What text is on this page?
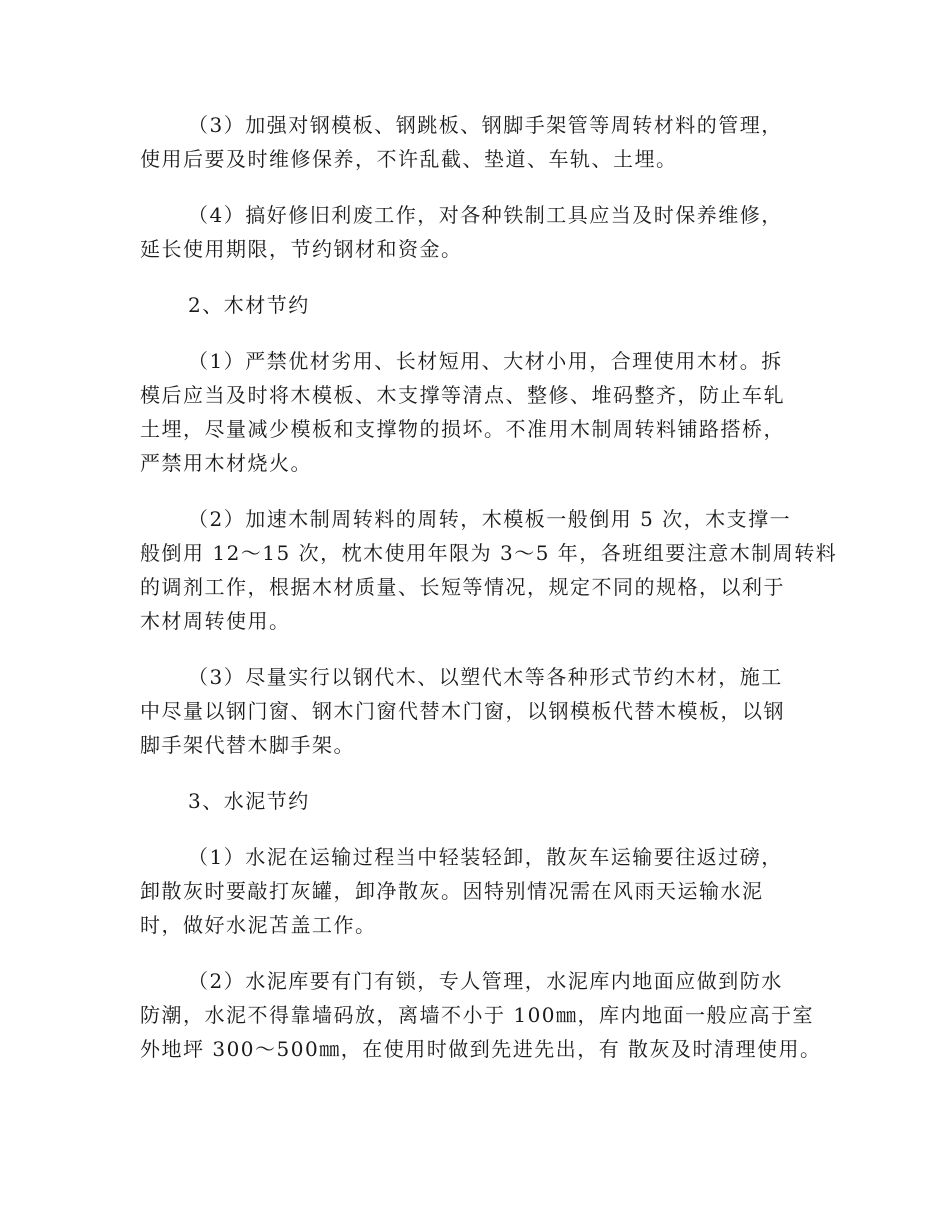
（3）加强对钢模板、钢跳板、钢脚手架管等周转材料的管理，
使用后要及时维修保养，不许乱截、垫道、车轨、土埋。

（4）搞好修旧利废工作，对各种铁制工具应当及时保养维修，
延长使用期限，节约钢材和资金。

2、木材节约

（1）严禁优材劣用、长材短用、大材小用，合理使用木材。拆
模后应当及时将木模板、木支撑等清点、整修、堆码整齐，防止车轧
土埋，尽量减少模板和支撑物的损坏。不准用木制周转料铺路搭桥，
严禁用木材烧火。

（2）加速木制周转料的周转，木模板一般倒用 5 次，木支撑一
般倒用 12～15 次，枕木使用年限为 3～5 年，各班组要注意木制周转料
的调剂工作，根据木材质量、长短等情况，规定不同的规格，以利于
木材周转使用。

（3）尽量实行以钢代木、以塑代木等各种形式节约木材，施工
中尽量以钢门窗、钢木门窗代替木门窗，以钢模板代替木模板，以钢
脚手架代替木脚手架。

3、水泥节约

（1）水泥在运输过程当中轻装轻卸，散灰车运输要往返过磅，
卸散灰时要敲打灰罐，卸净散灰。因特别情况需在风雨天运输水泥
时，做好水泥苫盖工作。

（2）水泥库要有门有锁，专人管理，水泥库内地面应做到防水
防潮，水泥不得靠墙码放，离墙不小于 100㎜，库内地面一般应高于室
外地坪 300～500㎜，在使用时做到先进先出，有 散灰及时清理使用。
